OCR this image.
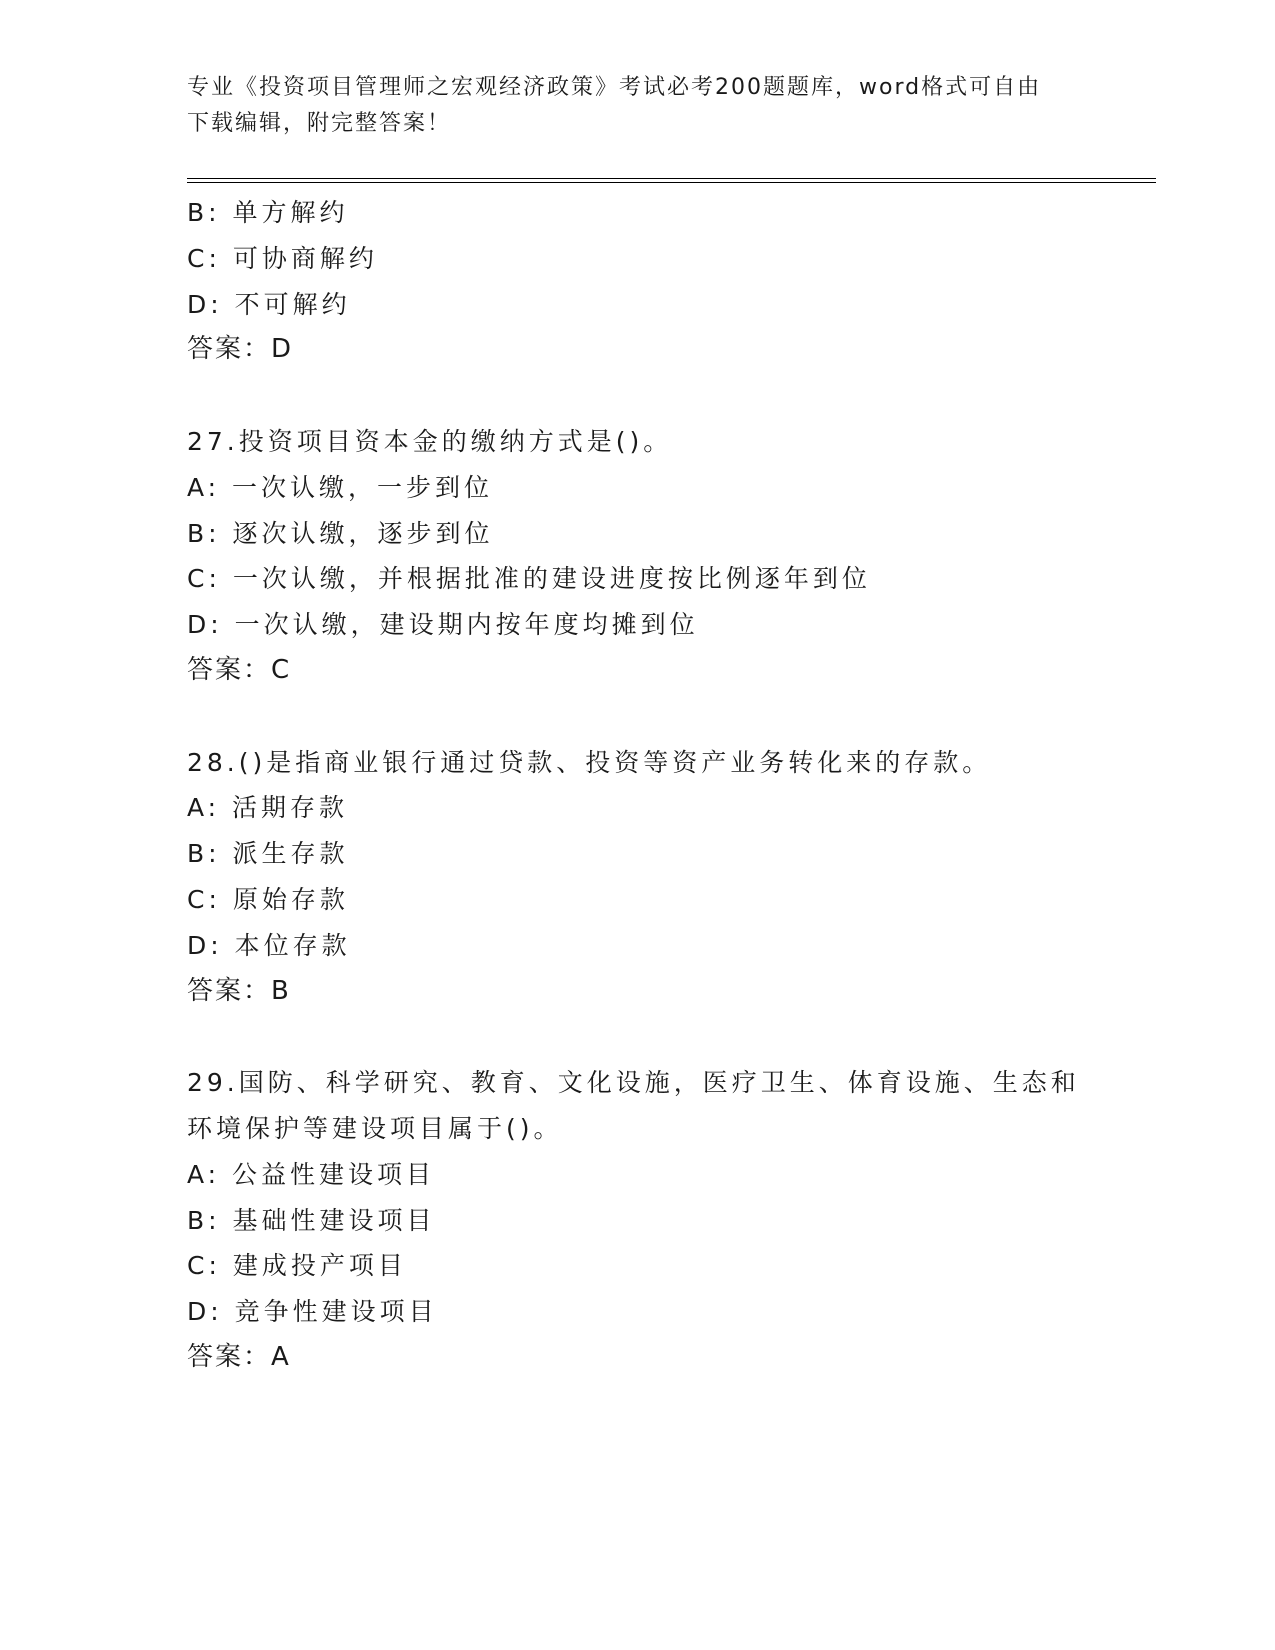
专业《投资项目管理师之宏观经济政策》考试必考200题题库，word格式可自由

下载编辑，附完整答案！

B: 单方解约

C: 可协商解约

D: 不可解约

答案：D

27.投资项目资本金的缴纳方式是()。

A: 一次认缴，一步到位

B: 逐次认缴，逐步到位

C: 一次认缴，并根据批准的建设进度按比例逐年到位

D: 一次认缴，建设期内按年度均摊到位

答案：C

28.()是指商业银行通过贷款、投资等资产业务转化来的存款。

A: 活期存款

B: 派生存款

C: 原始存款

D: 本位存款

答案：B

29.国防、科学研究、教育、文化设施，医疗卫生、体育设施、生态和

环境保护等建设项目属于()。

A: 公益性建设项目

B: 基础性建设项目

C: 建成投产项目

D: 竞争性建设项目

答案：A
